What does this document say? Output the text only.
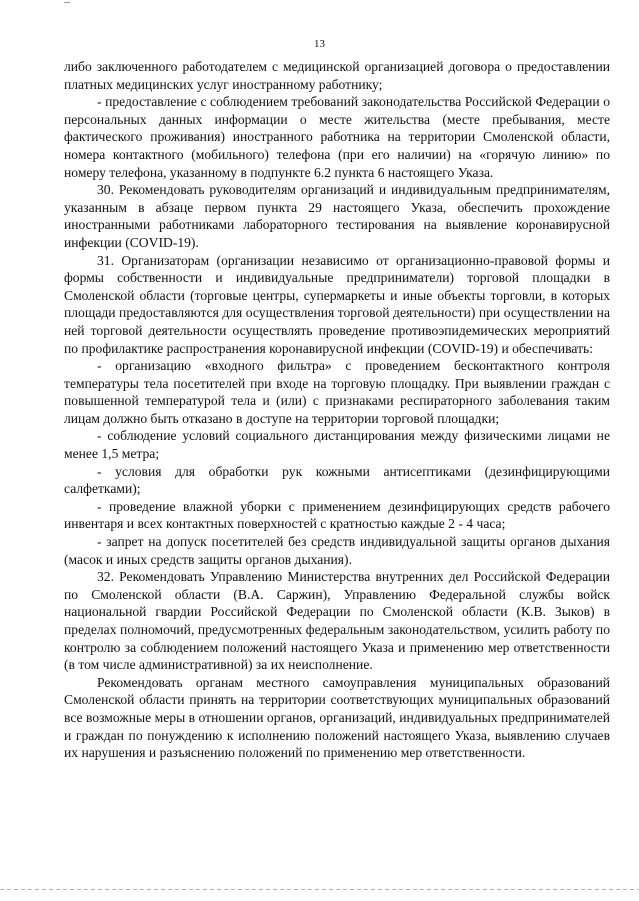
13

либо заключенного работодателем с медицинской организацией договора о предоставлении платных медицинских услуг иностранному работнику;

- предоставление с соблюдением требований законодательства Российской Федерации о персональных данных информации о месте жительства (месте пребывания, месте фактического проживания) иностранного работника на территории Смоленской области, номера контактного (мобильного) телефона (при его наличии) на «горячую линию» по номеру телефона, указанному в подпункте 6.2 пункта 6 настоящего Указа.

30. Рекомендовать руководителям организаций и индивидуальным предпринимателям, указанным в абзаце первом пункта 29 настоящего Указа, обеспечить прохождение иностранными работниками лабораторного тестирования на выявление коронавирусной инфекции (COVID-19).

31. Организаторам (организации независимо от организационно-правовой формы и формы собственности и индивидуальные предприниматели) торговой площадки в Смоленской области (торговые центры, супермаркеты и иные объекты торговли, в которых площади предоставляются для осуществления торговой деятельности) при осуществлении на ней торговой деятельности осуществлять проведение противоэпидемических мероприятий по профилактике распространения коронавирусной инфекции (COVID-19) и обеспечивать:

- организацию «входного фильтра» с проведением бесконтактного контроля температуры тела посетителей при входе на торговую площадку. При выявлении граждан с повышенной температурой тела и (или) с признаками респираторного заболевания таким лицам должно быть отказано в доступе на территории торговой площадки;

- соблюдение условий социального дистанцирования между физическими лицами не менее 1,5 метра;

- условия для обработки рук кожными антисептиками (дезинфицирующими салфетками);

- проведение влажной уборки с применением дезинфицирующих средств рабочего инвентаря и всех контактных поверхностей с кратностью каждые 2 - 4 часа;

- запрет на допуск посетителей без средств индивидуальной защиты органов дыхания (масок и иных средств защиты органов дыхания).

32. Рекомендовать Управлению Министерства внутренних дел Российской Федерации по Смоленской области (В.А. Саржин), Управлению Федеральной службы войск национальной гвардии Российской Федерации по Смоленской области (К.В. Зыков) в пределах полномочий, предусмотренных федеральным законодательством, усилить работу по контролю за соблюдением положений настоящего Указа и применению мер ответственности (в том числе административной) за их неисполнение.

Рекомендовать органам местного самоуправления муниципальных образований Смоленской области принять на территории соответствующих муниципальных образований все возможные меры в отношении органов, организаций, индивидуальных предпринимателей и граждан по понуждению к исполнению положений настоящего Указа, выявлению случаев их нарушения и разъяснению положений по применению мер ответственности.
